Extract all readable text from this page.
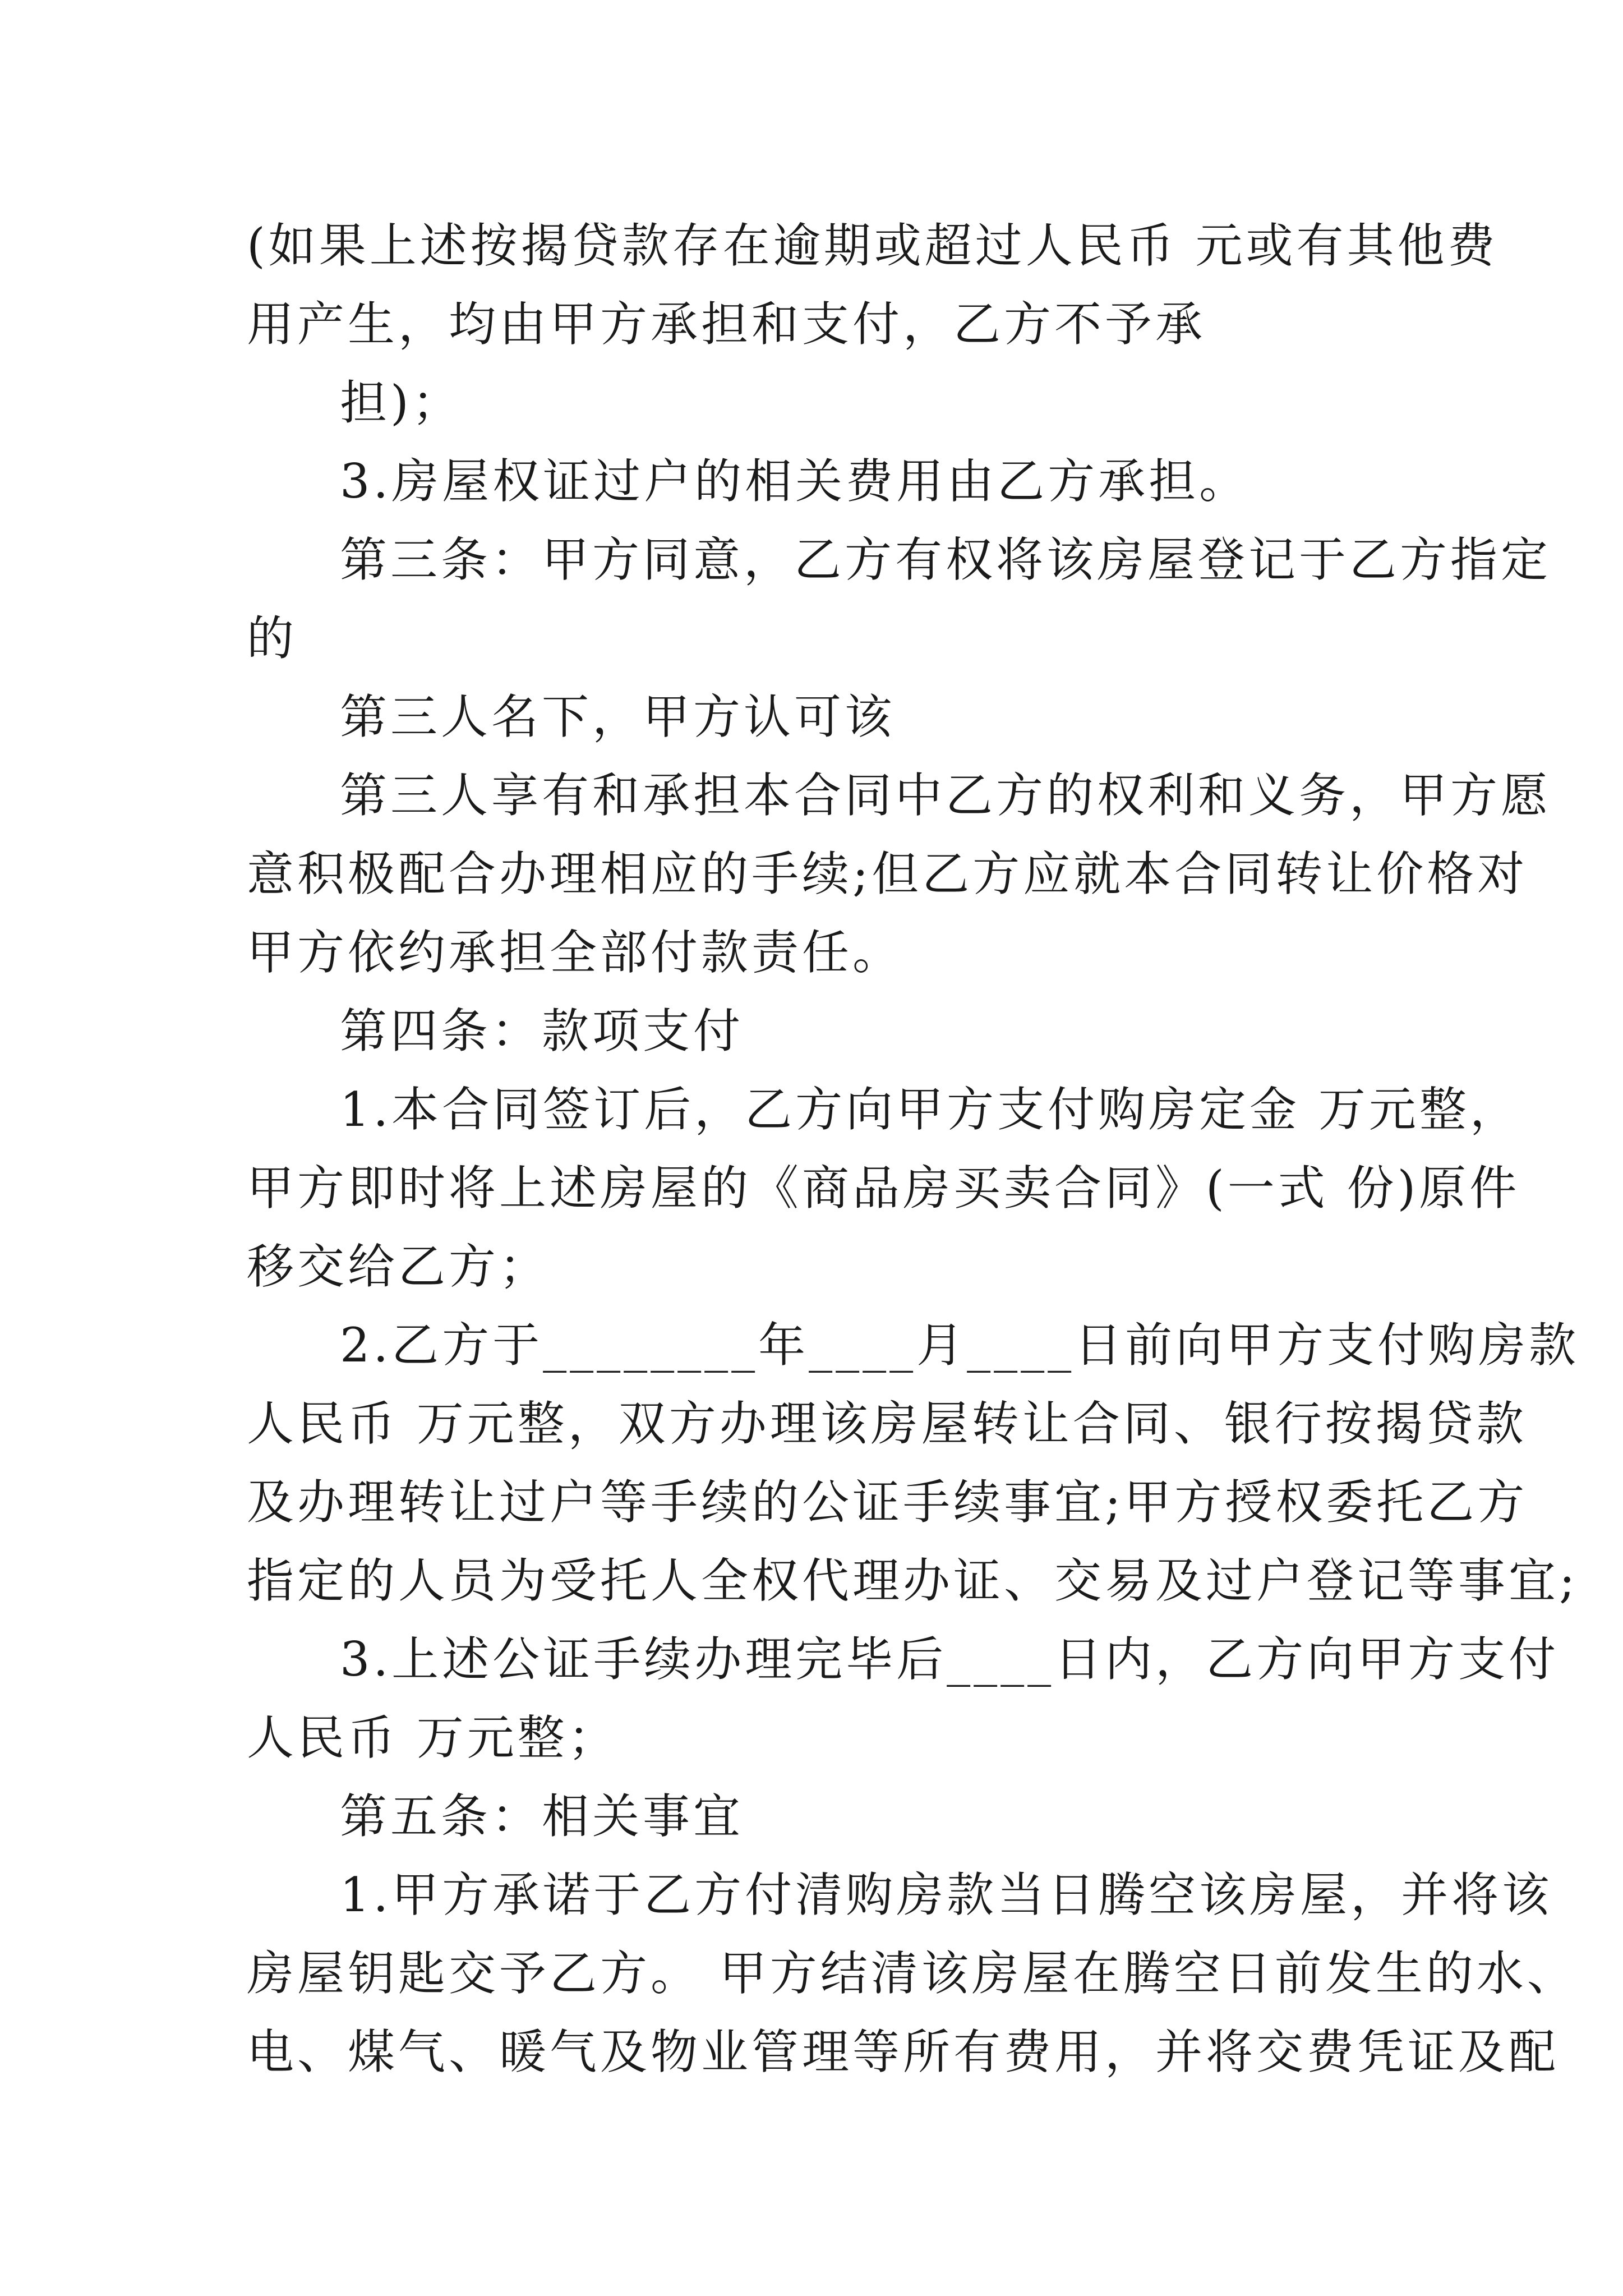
(如果上述按揭贷款存在逾期或超过人民币 元或有其他费

用产生，均由甲方承担和支付，乙方不予承

担)；

3.房屋权证过户的相关费用由乙方承担。

第三条：甲方同意，乙方有权将该房屋登记于乙方指定

的

第三人名下，甲方认可该

第三人享有和承担本合同中乙方的权利和义务，甲方愿

意积极配合办理相应的手续;但乙方应就本合同转让价格对

甲方依约承担全部付款责任。

第四条：款项支付

1.本合同签订后，乙方向甲方支付购房定金 万元整，

甲方即时将上述房屋的《商品房买卖合同》(一式 份)原件

移交给乙方；

2.乙方于________年____月____日前向甲方支付购房款

人民币 万元整，双方办理该房屋转让合同、银行按揭贷款

及办理转让过户等手续的公证手续事宜;甲方授权委托乙方

指定的人员为受托人全权代理办证、交易及过户登记等事宜;

3.上述公证手续办理完毕后____日内，乙方向甲方支付

人民币 万元整；

第五条：相关事宜

1.甲方承诺于乙方付清购房款当日腾空该房屋，并将该

房屋钥匙交予乙方。 甲方结清该房屋在腾空日前发生的水、

电、煤气、暖气及物业管理等所有费用，并将交费凭证及配
